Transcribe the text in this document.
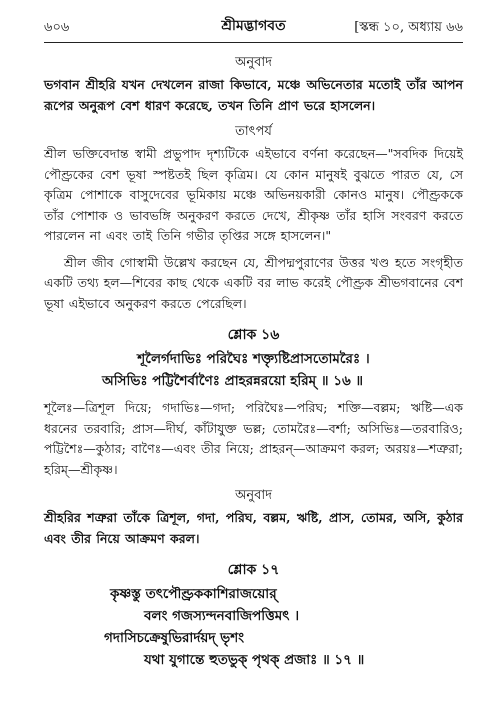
৬০৬	শ্রীমদ্ভাগবত	[স্কন্ধ ১০, অধ্যায় ৬৬
অনুবাদ

ভগবান শ্রীহরি যখন দেখলেন রাজা কিভাবে, মঞ্চে অভিনেতার মতোই তাঁর আপন রূপের অনুরূপ বেশ ধারণ করেছে, তখন তিনি প্রাণ ভরে হাসলেন।

তাৎপর্য

শ্রীল ভক্তিবেদান্ত স্বামী প্রভুপাদ দৃশ্যটিকে এইভাবে বর্ণনা করেছেন—"সবদিক দিয়েই পৌণ্ড্রকের বেশ ভূষা স্পষ্টতই ছিল কৃত্রিম। যে কোন মানুষই বুঝতে পারত যে, সে কৃত্রিম পোশাকে বাসুদেবের ভূমিকায় মঞ্চে অভিনয়কারী কোনও মানুষ। পৌণ্ড্রককে তাঁর পোশাক ও ভাবভঙ্গি অনুকরণ করতে দেখে, শ্রীকৃষ্ণ তাঁর হাসি সংবরণ করতে পারলেন না এবং তাই তিনি গভীর তৃপ্তির সঙ্গে হাসলেন।"

শ্রীল জীব গোস্বামী উল্লেখ করছেন যে, শ্রীপদ্মপুরাণের উত্তর খণ্ড হতে সংগৃহীত একটি তথ্য হল—শিবের কাছ থেকে একটি বর লাভ করেই পৌণ্ড্রক শ্রীভগবানের বেশ ভূষা এইভাবে অনুকরণ করতে পেরেছিল।

শ্লোক ১৬
শূলৈর্গদাভিঃ পরিঘৈঃ শক্ত্যৃষ্টিপ্রাসতোমরৈঃ ।
অসিভিঃ পট্টিশৈর্বাণৈঃ প্রাহরন্নরয়ো হরিম্ ॥ ১৬ ॥

শূলৈঃ—ত্রিশূল দিয়ে; গদাভিঃ—গদা; পরিঘৈঃ—পরিঘ; শক্তি—বল্লম; ঋষ্টি—এক ধরনের তরবারি; প্রাস—দীর্ঘ, কাঁটাযুক্ত ভল্ল; তোমরৈঃ—বর্শা; অসিভিঃ—তরবারিও; পট্টিশৈঃ—কুঠার; বাণৈঃ—এবং তীর নিয়ে; প্রাহরন্—আক্রমণ করল; অরয়ঃ—শত্রুরা; হরিম্—শ্রীকৃষ্ণ।

অনুবাদ

শ্রীহরির শত্রুরা তাঁকে ত্রিশূল, গদা, পরিঘ, বল্লম, ঋষ্টি, প্রাস, তোমর, অসি, কুঠার এবং তীর নিয়ে আক্রমণ করল।

শ্লোক ১৭
কৃষ্ণস্তু তৎপৌণ্ড্রককাশিরাজয়োর্
বলং গজস্যন্দনবাজিপত্তিমৎ ।
গদাসিচক্রেষুভিরার্দয়দ্ ভৃশং
যথা যুগান্তে হুতভুক্ পৃথক্ প্রজাঃ ॥ ১৭ ॥
